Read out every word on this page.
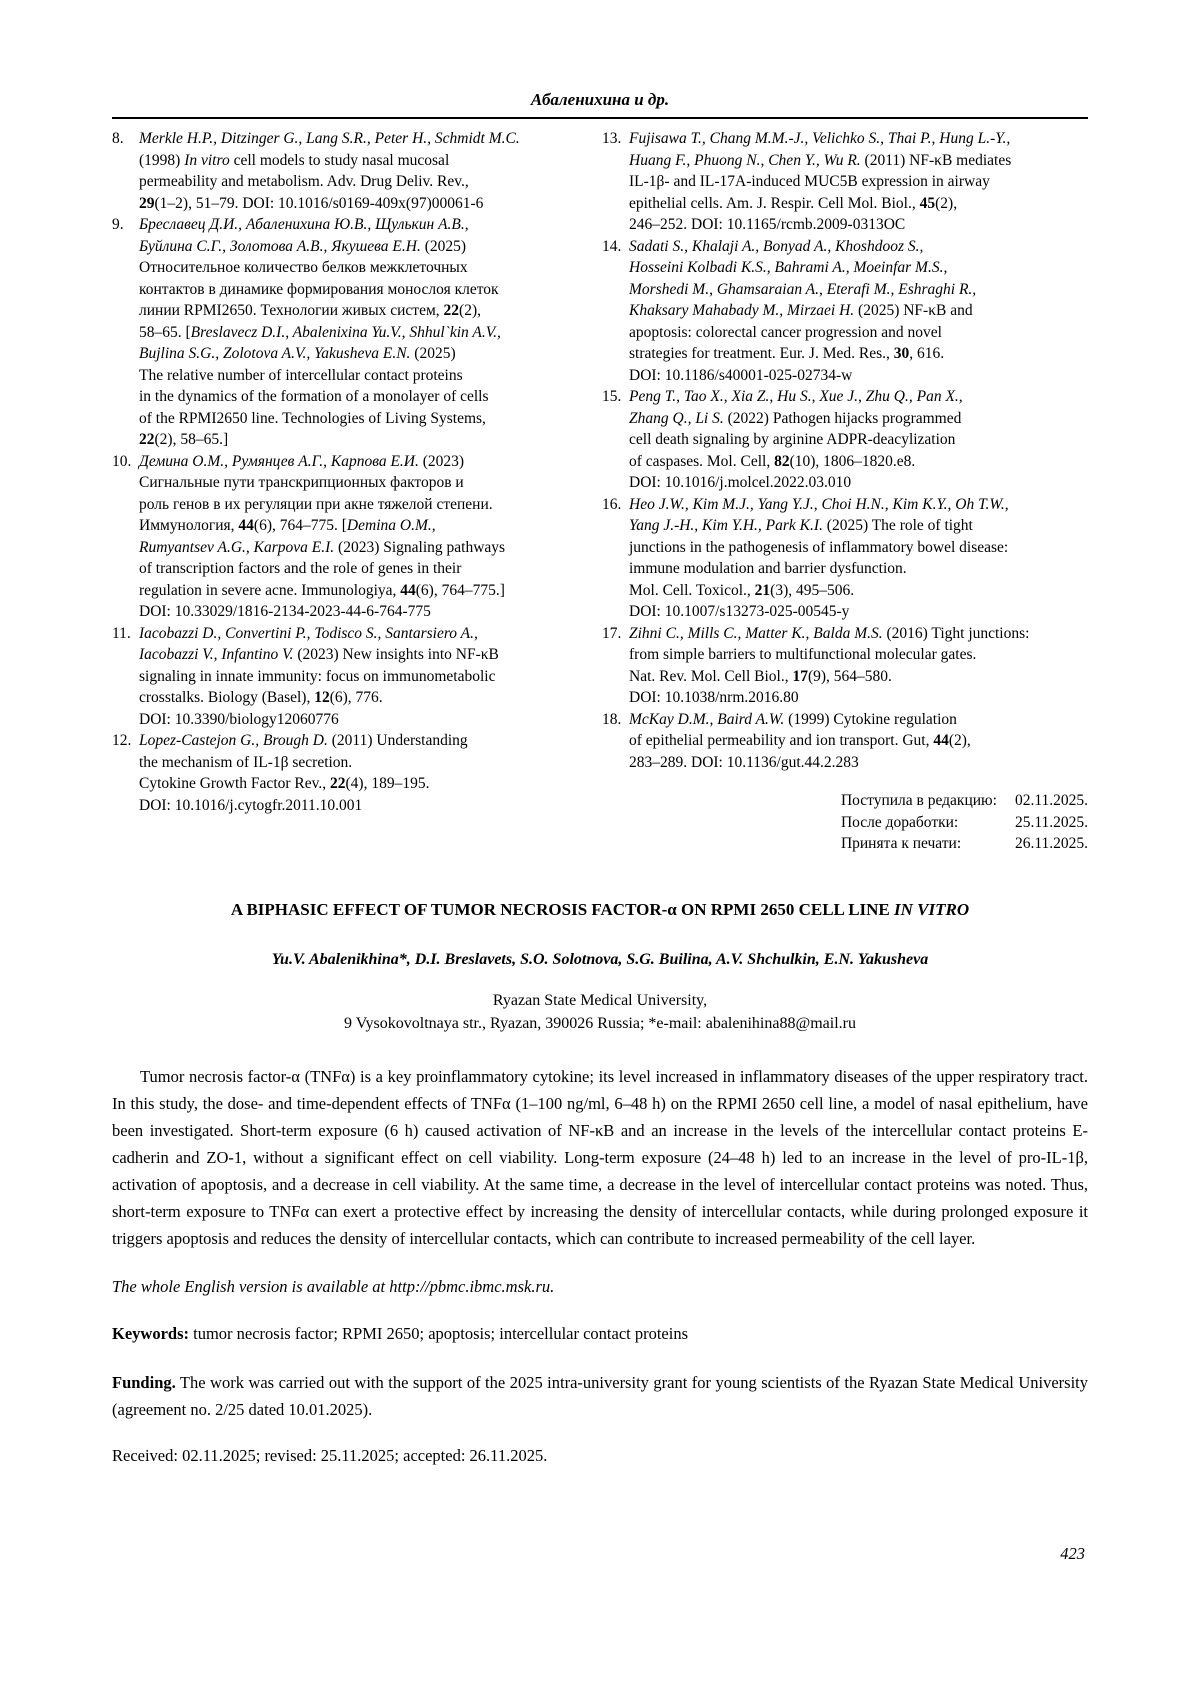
Абаленихина и др.
8. Merkle H.P., Ditzinger G., Lang S.R., Peter H., Schmidt M.C.
(1998) In vitro cell models to study nasal mucosal
permeability and metabolism. Adv. Drug Deliv. Rev.,
29(1–2), 51–79. DOI: 10.1016/s0169-409x(97)00061-6
9. Бреславец Д.И., Абаленихина Ю.В., Щулькин А.В.,
Буйлина С.Г., Золотова А.В., Якушева Е.Н. (2025)
Относительное количество белков межклеточных
контактов в динамике формирования монослоя клеток
линии RPMI2650. Технологии живых систем, 22(2),
58–65. [Breslavecz D.I., Abalenixina Yu.V., Shhul`kin A.V.,
Bujlina S.G., Zolotova A.V., Yakusheva E.N. (2025)
The relative number of intercellular contact proteins
in the dynamics of the formation of a monolayer of cells
of the RPMI2650 line. Technologies of Living Systems,
22(2), 58–65.]
10. Демина О.М., Румянцев А.Г., Карпова Е.И. (2023)
Сигнальные пути транскрипционных факторов и
роль генов в их регуляции при акне тяжелой степени.
Иммунология, 44(6), 764–775. [Demina O.M.,
Rumyantsev A.G., Karpova E.I. (2023) Signaling pathways
of transcription factors and the role of genes in their
regulation in severe acne. Immunologiya, 44(6), 764–775.]
DOI: 10.33029/1816-2134-2023-44-6-764-775
11. Iacobazzi D., Convertini P., Todisco S., Santarsiero A.,
Iacobazzi V., Infantino V. (2023) New insights into NF-κB
signaling in innate immunity: focus on immunometabolic
crosstalks. Biology (Basel), 12(6), 776.
DOI: 10.3390/biology12060776
12. Lopez-Castejon G., Brough D. (2011) Understanding
the mechanism of IL-1β secretion.
Cytokine Growth Factor Rev., 22(4), 189–195.
DOI: 10.1016/j.cytogfr.2011.10.001
13. Fujisawa T., Chang M.M.-J., Velichko S., Thai P., Hung L.-Y.,
Huang F., Phuong N., Chen Y., Wu R. (2011) NF-κB mediates
IL-1β- and IL-17A-induced MUC5B expression in airway
epithelial cells. Am. J. Respir. Cell Mol. Biol., 45(2),
246–252. DOI: 10.1165/rcmb.2009-0313OC
14. Sadati S., Khalaji A., Bonyad A., Khoshdooz S.,
Hosseini Kolbadi K.S., Bahrami A., Moeinfar M.S.,
Morshedi M., Ghamsaraian A., Eterafi M., Eshraghi R.,
Khaksary Mahabady M., Mirzaei H. (2025) NF-κB and
apoptosis: colorectal cancer progression and novel
strategies for treatment. Eur. J. Med. Res., 30, 616.
DOI: 10.1186/s40001-025-02734-w
15. Peng T., Tao X., Xia Z., Hu S., Xue J., Zhu Q., Pan X.,
Zhang Q., Li S. (2022) Pathogen hijacks programmed
cell death signaling by arginine ADPR-deacylization
of caspases. Mol. Cell, 82(10), 1806–1820.e8.
DOI: 10.1016/j.molcel.2022.03.010
16. Heo J.W., Kim M.J., Yang Y.J., Choi H.N., Kim K.Y., Oh T.W.,
Yang J.-H., Kim Y.H., Park K.I. (2025) The role of tight
junctions in the pathogenesis of inflammatory bowel disease:
immune modulation and barrier dysfunction.
Mol. Cell. Toxicol., 21(3), 495–506.
DOI: 10.1007/s13273-025-00545-y
17. Zihni C., Mills C., Matter K., Balda M.S. (2016) Tight junctions:
from simple barriers to multifunctional molecular gates.
Nat. Rev. Mol. Cell Biol., 17(9), 564–580.
DOI: 10.1038/nrm.2016.80
18. McKay D.M., Baird A.W. (1999) Cytokine regulation
of epithelial permeability and ion transport. Gut, 44(2),
283–289. DOI: 10.1136/gut.44.2.283
Поступила в редакцию: 02.11.2025.
После доработки:	25.11.2025.
Принята к печати:	26.11.2025.
A BIPHASIC EFFECT OF TUMOR NECROSIS FACTOR-α ON RPMI 2650 CELL LINE IN VITRO
Yu.V. Abalenikhina*, D.I. Breslavets, S.O. Solotnova, S.G. Builina, A.V. Shchulkin, E.N. Yakusheva
Ryazan State Medical University,
9 Vysokovoltnaya str., Ryazan, 390026 Russia; *e-mail: abalenihina88@mail.ru
Tumor necrosis factor-α (TNFα) is a key proinflammatory cytokine; its level increased in inflammatory diseases of the upper respiratory tract. In this study, the dose- and time-dependent effects of TNFα (1–100 ng/ml, 6–48 h) on the RPMI 2650 cell line, a model of nasal epithelium, have been investigated. Short-term exposure (6 h) caused activation of NF-κB and an increase in the levels of the intercellular contact proteins E-cadherin and ZO-1, without a significant effect on cell viability. Long-term exposure (24–48 h) led to an increase in the level of pro-IL-1β, activation of apoptosis, and a decrease in cell viability. At the same time, a decrease in the level of intercellular contact proteins was noted. Thus, short-term exposure to TNFα can exert a protective effect by increasing the density of intercellular contacts, while during prolonged exposure it triggers apoptosis and reduces the density of intercellular contacts, which can contribute to increased permeability of the cell layer.
The whole English version is available at http://pbmc.ibmc.msk.ru.
Keywords: tumor necrosis factor; RPMI 2650; apoptosis; intercellular contact proteins
Funding. The work was carried out with the support of the 2025 intra-university grant for young scientists of the Ryazan State Medical University (agreement no. 2/25 dated 10.01.2025).
Received: 02.11.2025; revised: 25.11.2025; accepted: 26.11.2025.
423
